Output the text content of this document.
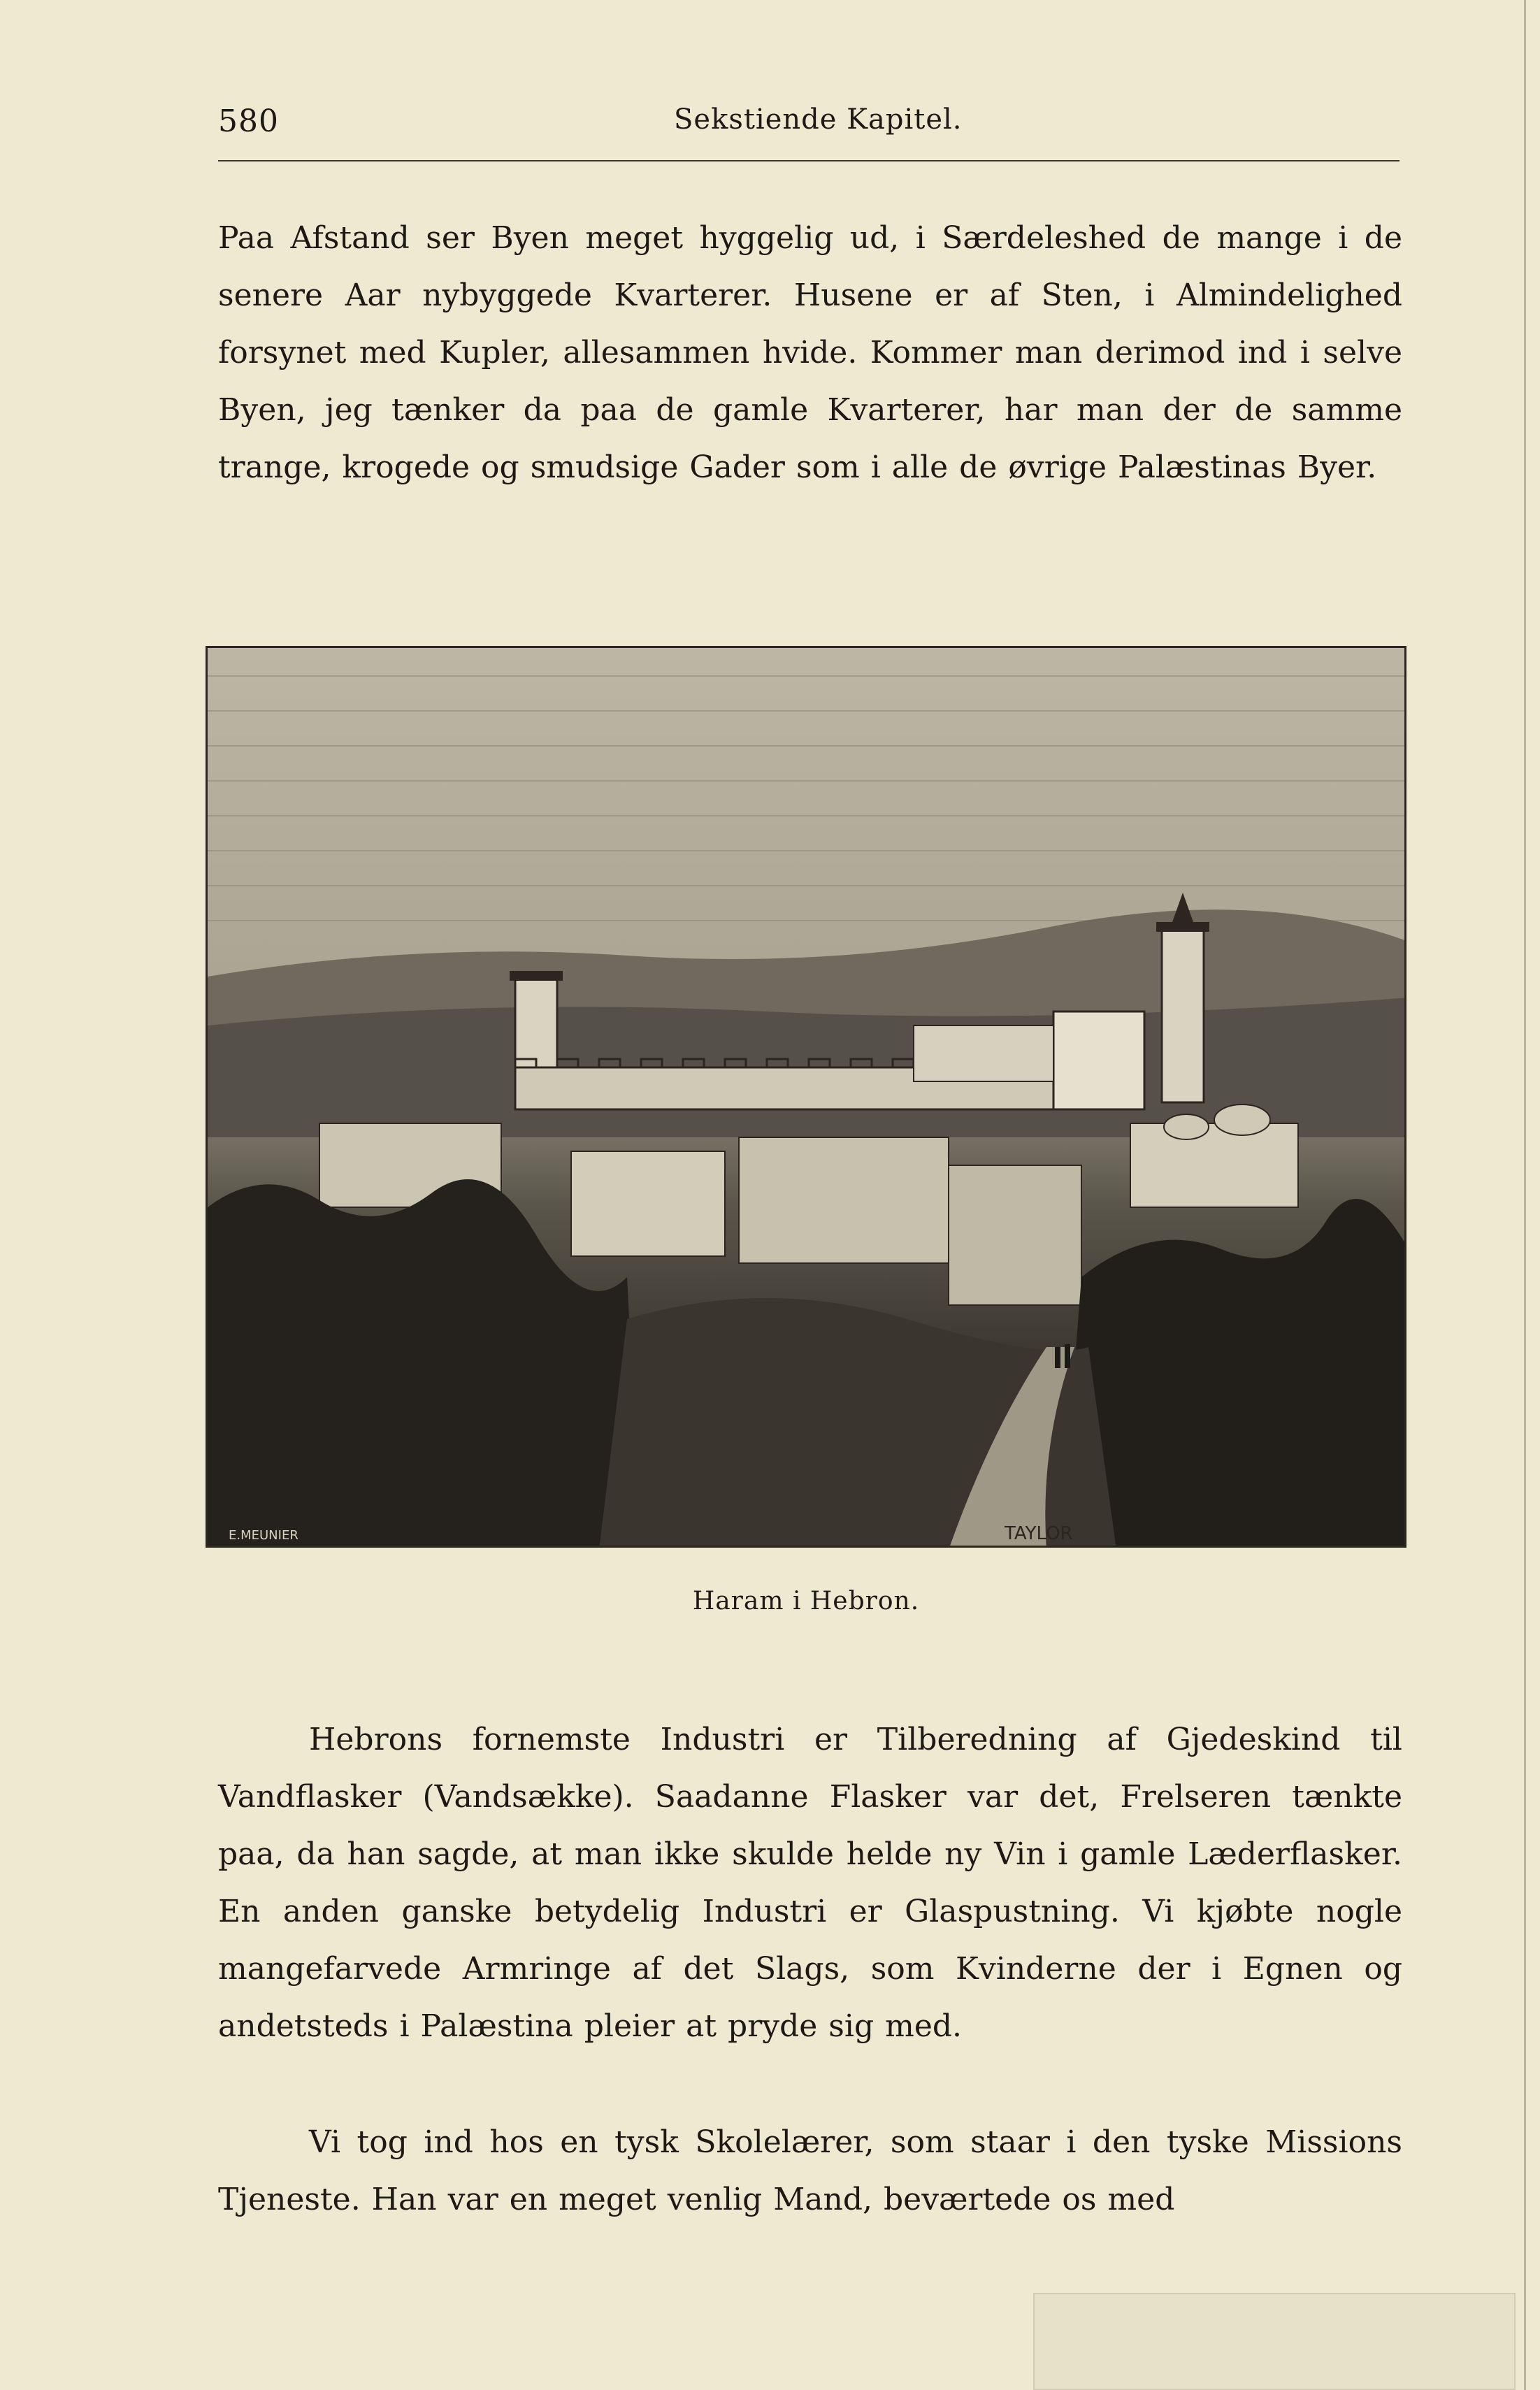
580	Sekstiende Kapitel.
Paa Afstand ser Byen meget hyggelig ud, i Særdeleshed de mange i de senere Aar nybyggede Kvarterer. Husene er af Sten, i Almindelighed forsynet med Kupler, allesammen hvide. Kommer man derimod ind i selve Byen, jeg tænker da paa de gamle Kvarterer, har man der de samme trange, krogede og smudsige Gader som i alle de øvrige Palæstinas Byer.
E.MEUNIER	TAYLOR
Haram i Hebron.
Hebrons fornemste Industri er Tilberedning af Gjedeskind til Vandflasker (Vandsække). Saadanne Flasker var det, Frelseren tænkte paa, da han sagde, at man ikke skulde helde ny Vin i gamle Læderflasker. En anden ganske betydelig Industri er Glaspustning. Vi kjøbte nogle mangefarvede Armringe af det Slags, som Kvinderne der i Egnen og andetsteds i Palæstina pleier at pryde sig med.
Vi tog ind hos en tysk Skolelærer, som staar i den tyske Missions Tjeneste. Han var en meget venlig Mand, beværtede os med
